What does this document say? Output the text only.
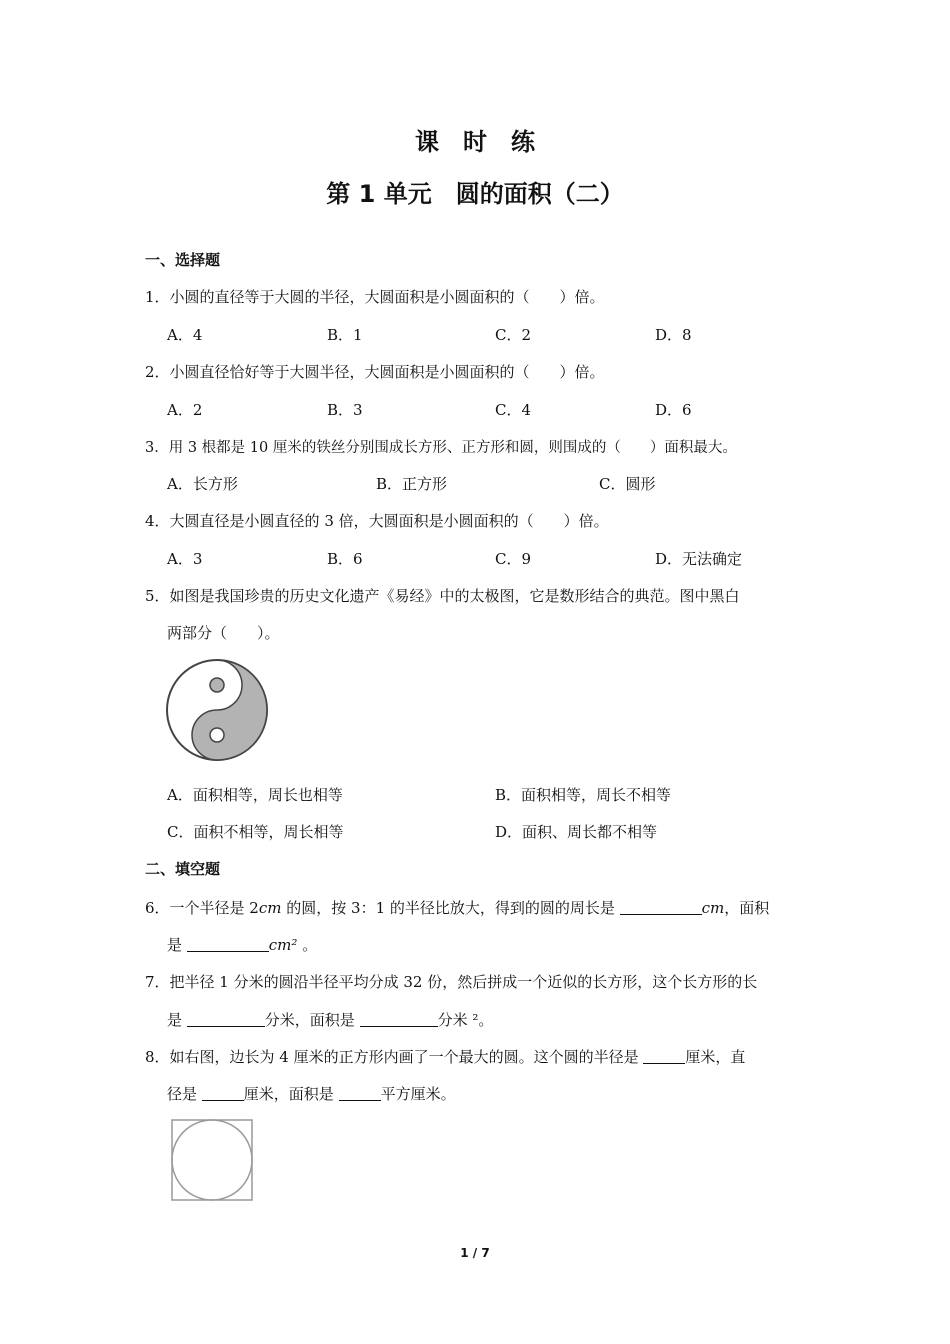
课　时　练
第 1 单元　圆的面积（二）
一、选择题
1．小圆的直径等于大圆的半径，大圆面积是小圆面积的（　　）倍。
A．4	B．1	C．2	D．8
2．小圆直径恰好等于大圆半径，大圆面积是小圆面积的（　　）倍。
A．2	B．3	C．4	D．6
3．用 3 根都是 10 厘米的铁丝分别围成长方形、正方形和圆，则围成的（　　）面积最大。
A．长方形	B．正方形	C．圆形
4．大圆直径是小圆直径的 3 倍，大圆面积是小圆面积的（　　）倍。
A．3	B．6	C．9	D．无法确定
5．如图是我国珍贵的历史文化遗产《易经》中的太极图，它是数形结合的典范。图中黑白
两部分（　　）。
A．面积相等，周长也相等	B．面积相等，周长不相等
C．面积不相等，周长相等	D．面积、周长都不相等
二、填空题
6．一个半径是 2cm 的圆，按 3：1 的半径比放大，得到的圆的周长是	cm，面积
是	cm² 。
7．把半径 1 分米的圆沿半径平均分成 32 份，然后拼成一个近似的长方形，这个长方形的长
是	分米，面积是	分米 ²。
8．如右图，边长为 4 厘米的正方形内画了一个最大的圆。这个圆的半径是	厘米，直
径是	厘米，面积是	平方厘米。
1 / 7
